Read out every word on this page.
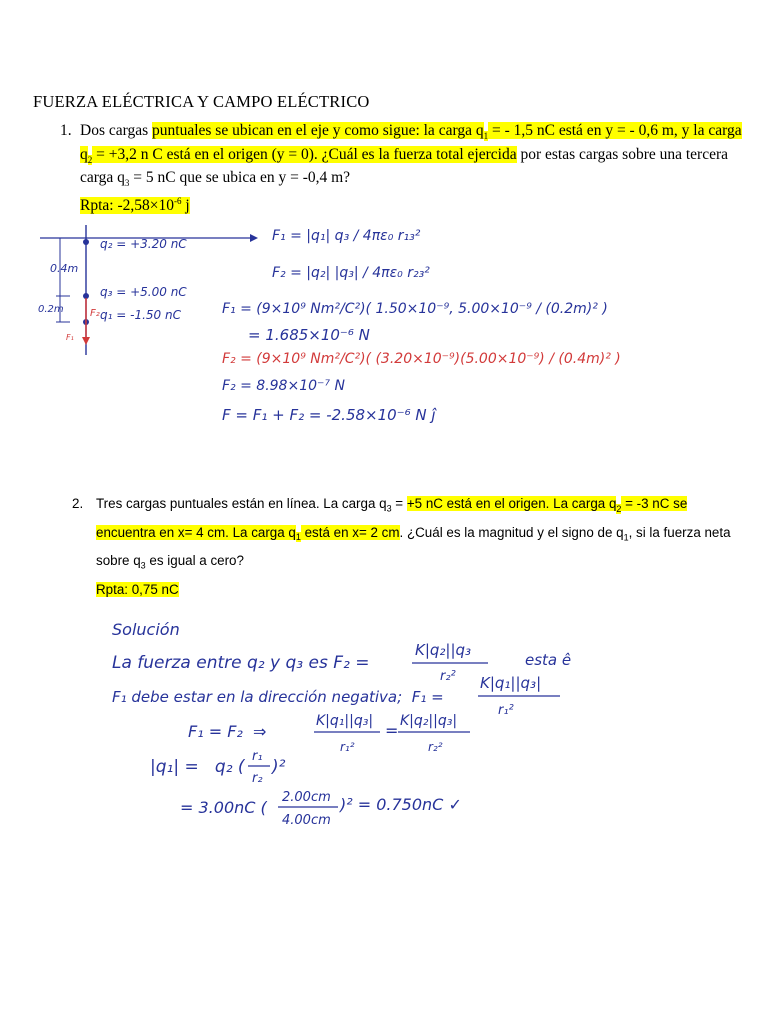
FUERZA ELÉCTRICA Y CAMPO ELÉCTRICO
1. Dos cargas puntuales se ubican en el eje y como sigue: la carga $q_1$ = - 1,5 nC está en y = - 0,6 m, y la carga $q_2 = +3,2$ n C está en el origen (y = 0). ¿Cuál es la fuerza total ejercida por estas cargas sobre una tercera carga $q_3 = 5$ nC que se ubica en y = -0,4 m?
Rpta: $-2,58\times 10^{-6}$ j
0.4m
0.2m
q₂ = +3.20 nC
q₃ = +5.00 nC
q₁ = -1.50 nC
F₂
F₁
F₁ = |q₁| q₃ / 4πε₀ r₁₃²
F₂ = |q₂| |q₃| / 4πε₀ r₂₃²
F₁ = (9×10⁹ Nm²/C²)( 1.50×10⁻⁹, 5.00×10⁻⁹ / (0.2m)² )
= 1.685×10⁻⁶ N
F₂ = (9×10⁹ Nm²/C²)( (3.20×10⁻⁹)(5.00×10⁻⁹) / (0.4m)² )
F₂ = 8.98×10⁻⁷ N
F = F₁ + F₂ = -2.58×10⁻⁶ N ĵ
2. Tres cargas puntuales están en línea. La carga $q_3 = +5$ nC está en el origen. La carga $q_2 = -3$ nC se encuentra en x= 4 cm. La carga $q_1$ está en x= 2 cm. ¿Cuál es la magnitud y el signo de $q_1$, si la fuerza neta sobre $q_3$ es igual a cero?
Rpta: 0,75 nC
Solución
La fuerza entre q₂ y q₃ es F₂ =
K|q₂||q₃
r₂²
esta ê
F₁ debe estar en la dirección negativa;  F₁ =
K|q₁||q₃|
r₁²
F₁ = F₂  ⇒
K|q₁||q₃|
r₁²
= K|q₂||q₃|
r₂²
|q₁| =   q₂ (
r₁
r₂
)²
= 3.00nC (
2.00cm
4.00cm
)² = 0.750nC ✓
